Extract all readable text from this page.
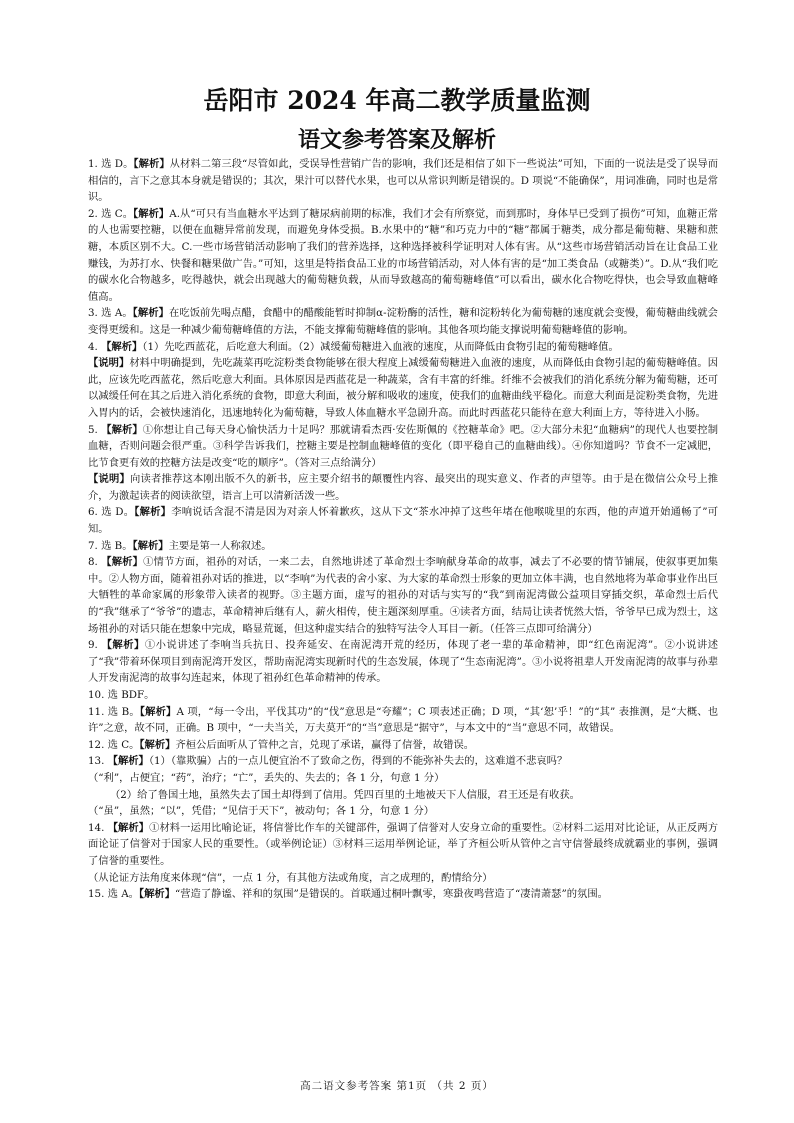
岳阳市 2024 年高二教学质量监测
语文参考答案及解析

1. 选 D。【解析】从材料二第三段“尽管如此，受误导性营销广告的影响，我们还是相信了如下一些说法”可知，下面的一说法是受了误导而相信的，言下之意其本身就是错误的；其次，果汁可以替代水果，也可以从常识判断是错误的。D 项说“不能确保”，用词准确，同时也是常识。

2. 选 C。【解析】A.从“可只有当血糖水平达到了糖尿病前期的标准，我们才会有所察觉，而到那时，身体早已受到了损伤”可知，血糖正常的人也需要控糖，以便在血糖异常前发现，而避免身体受损。B.水果中的“糖”和巧克力中的“糖”都属于糖类，成分都是葡萄糖、果糖和蔗糖，本质区别不大。C.一些市场营销活动影响了我们的营养选择，这种选择被科学证明对人体有害。从“这些市场营销活动旨在让食品工业赚钱，为苏打水、快餐和糖果做广告。”可知，这里是特指食品工业的市场营销活动，对人体有害的是“加工类食品（或糖类）”。D.从“我们吃的碳水化合物越多，吃得越快，就会出现越大的葡萄糖负载，从而导致越高的葡萄糖峰值”可以看出，碳水化合物吃得快，也会导致血糖峰值高。

3. 选 A。【解析】在吃饭前先喝点醋，食醋中的醋酸能暂时抑制α-淀粉酶的活性，糖和淀粉转化为葡萄糖的速度就会变慢，葡萄糖曲线就会变得更缓和。这是一种减少葡萄糖峰值的方法，不能支撑葡萄糖峰值的影响。其他各项均能支撑说明葡萄糖峰值的影响。

4. 【解析】（1）先吃西蓝花，后吃意大利面。（2）减缓葡萄糖进入血液的速度，从而降低由食物引起的葡萄糖峰值。

【说明】材料中明确提到，先吃蔬菜再吃淀粉类食物能够在很大程度上减缓葡萄糖进入血液的速度，从而降低由食物引起的葡萄糖峰值。因此，应该先吃西蓝花，然后吃意大利面。具体原因是西蓝花是一种蔬菜，含有丰富的纤维。纤维不会被我们的消化系统分解为葡萄糖，还可以减缓任何在其之后进入消化系统的食物，即意大利面，被分解和吸收的速度，使我们的血糖曲线平稳化。而意大利面是淀粉类食物，先进入胃内的话，会被快速消化，迅速地转化为葡萄糖，导致人体血糖水平急剧升高。而此时西蓝花只能待在意大利面上方，等待进入小肠。

5. 【解析】①你想让自己每天身心愉快活力十足吗？那就请看杰西·安佐斯佩的《控糖革命》吧。②大部分未犯“血糖病”的现代人也要控制血糖，否则问题会很严重。③科学告诉我们，控糖主要是控制血糖峰值的变化（即平稳自己的血糖曲线）。④你知道吗？节食不一定减肥，比节食更有效的控糖方法是改变“吃的顺序”。（答对三点给满分）

【说明】向读者推荐这本刚出版不久的新书，应主要介绍书的颠覆性内容、最突出的现实意义、作者的声望等。由于是在微信公众号上推介，为激起读者的阅读欲望，语言上可以清新活泼一些。

6. 选 D。【解析】李响说话含混不清是因为对亲人怀着歉疚，这从下文“茶水冲掉了这些年堵在他喉咙里的东西，他的声道开始通畅了”可知。

7. 选 B。【解析】主要是第一人称叙述。

8. 【解析】①情节方面，祖孙的对话，一来二去，自然地讲述了革命烈士李响献身革命的故事，减去了不必要的情节铺展，使叙事更加集中。②人物方面，随着祖孙对话的推进，以“李响”为代表的舍小家、为大家的革命烈士形象的更加立体丰满，也自然地将为革命事业作出巨大牺牲的革命家属的形象带入读者的视野。③主题方面，虚写的祖孙的对话与实写的“我”到南泥湾做公益项目穿插交织，革命烈士后代的“我”继承了“爷爷”的遗志，革命精神后继有人，薪火相传，使主题深刻厚重。④读者方面，结局让读者恍然大悟，爷爷早已成为烈士，这场祖孙的对话只能在想象中完成，略显荒诞，但这种虚实结合的独特写法令人耳目一新。（任答三点即可给满分）

9. 【解析】①小说讲述了李响当兵抗日、投奔延安、在南泥湾开荒的经历，体现了老一辈的革命精神，即“红色南泥湾”。②小说讲述了“我”带着环保项目到南泥湾开发区，帮助南泥湾实现新时代的生态发展，体现了“生态南泥湾”。③小说将祖辈人开发南泥湾的故事与孙辈人开发南泥湾的故事勾连起来，体现了祖孙红色革命精神的传承。

10. 选 BDF。

11. 选 B。【解析】A 项，“每一令出，平伐其功”的“伐”意思是“夸耀”；C 项表述正确；D 项，“其‘恕’乎！”的“其” 表推测，是“大概、也许”之意，故不同，正确。B 项中，“一夫当关，万夫莫开”的“当”意思是“据守”，与本文中的“当”意思不同，故错误。

12. 选 C。【解析】齐桓公后面听从了管仲之言，兑现了承诺，赢得了信誉，故错误。

13. 【解析】（1）（靠欺骗）占的一点儿便宜治不了致命之伤，得到的不能弥补失去的，这难道不悲哀吗？

（“利”，占便宜；“药”，治疗；“亡”，丢失的、失去的；各 1 分，句意 1 分）

（2）给了鲁国土地，虽然失去了国土却得到了信用。凭四百里的土地被天下人信服，君王还是有收获。

（“虽”，虽然；“以”，凭借；“见信于天下”，被动句；各 1 分，句意 1 分）

14. 【解析】①材料一运用比喻论证，将信誉比作车的关键部件，强调了信誉对人安身立命的重要性。②材料二运用对比论证，从正反两方面论证了信誉对于国家人民的重要性。（或举例论证）③材料三运用举例论证，举了齐桓公听从管仲之言守信誉最终成就霸业的事例，强调了信誉的重要性。

（从论证方法角度来体现“信”，一点 1 分，有其他方法或角度，言之成理的，酌情给分）

15. 选 A。【解析】“营造了静谧、祥和的氛围”是错误的。首联通过桐叶飘零，寒蛩夜鸣营造了“凄清萧瑟”的氛围。

高二语文参考答案 第1页 （共 2 页）
